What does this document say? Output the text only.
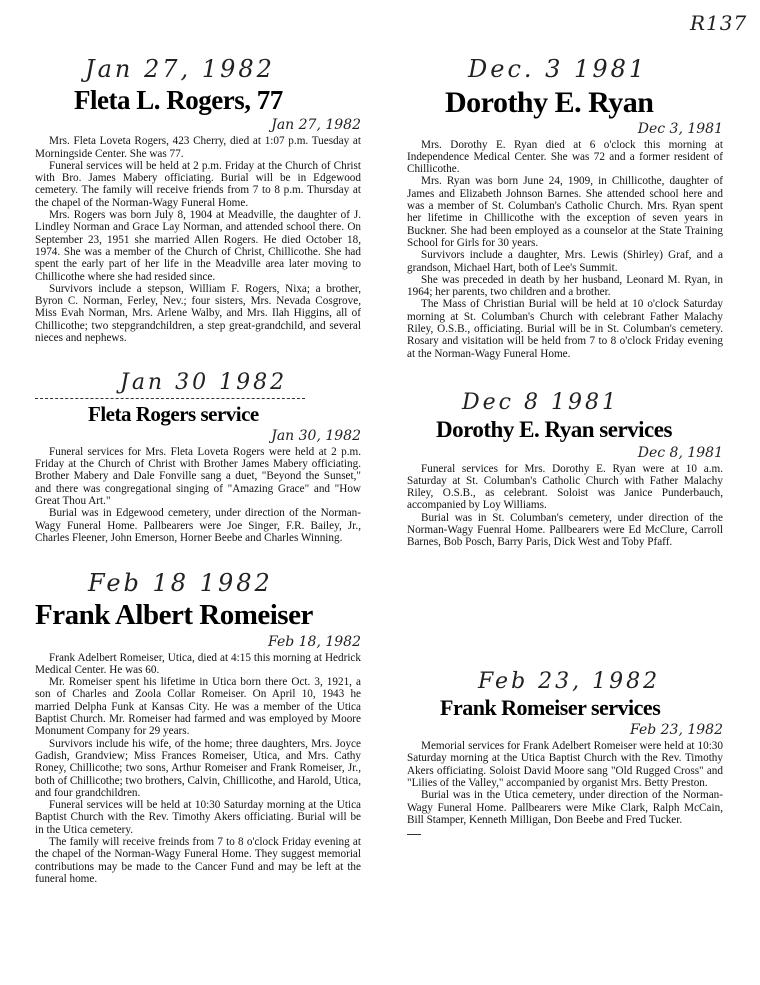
R137
Jan 27, 1982
Fleta L. Rogers, 77
Jan 27, 1982

Mrs. Fleta Loveta Rogers, 423 Cherry, died at 1:07 p.m. Tuesday at Morningside Center. She was 77.

Funeral services will be held at 2 p.m. Friday at the Church of Christ with Bro. James Mabery officiating. Burial will be in Edgewood cemetery. The family will receive friends from 7 to 8 p.m. Thursday at the chapel of the Norman-Wagy Funeral Home.

Mrs. Rogers was born July 8, 1904 at Meadville, the daughter of J. Lindley Norman and Grace Lay Norman, and attended school there. On September 23, 1951 she married Allen Rogers. He died October 18, 1974. She was a member of the Church of Christ, Chillicothe. She had spent the early part of her life in the Meadville area later moving to Chillicothe where she had resided since.

Survivors include a stepson, William F. Rogers, Nixa; a brother, Byron C. Norman, Ferley, Nev.; four sisters, Mrs. Nevada Cosgrove, Miss Evah Norman, Mrs. Arlene Walby, and Mrs. Ilah Higgins, all of Chillicothe; two stepgrandchildren, a step great-grandchild, and several nieces and nephews.

Jan 30 1982
Fleta Rogers service
Jan 30, 1982

Funeral services for Mrs. Fleta Loveta Rogers were held at 2 p.m. Friday at the Church of Christ with Brother James Mabery officiating. Brother Mabery and Dale Fonville sang a duet, "Beyond the Sunset," and there was congregational singing of "Amazing Grace" and "How Great Thou Art."

Burial was in Edgewood cemetery, under direction of the Norman-Wagy Funeral Home. Pallbearers were Joe Singer, F.R. Bailey, Jr., Charles Fleener, John Emerson, Horner Beebe and Charles Winning.

Feb 18 1982
Frank Albert Romeiser
Feb 18, 1982

Frank Adelbert Romeiser, Utica, died at 4:15 this morning at Hedrick Medical Center. He was 60.

Mr. Romeiser spent his lifetime in Utica born there Oct. 3, 1921, a son of Charles and Zoola Collar Romeiser. On April 10, 1943 he married Delpha Funk at Kansas City. He was a member of the Utica Baptist Church. Mr. Romeiser had farmed and was employed by Moore Monument Company for 29 years.

Survivors include his wife, of the home; three daughters, Mrs. Joyce Gadish, Grandview; Miss Frances Romeiser, Utica, and Mrs. Cathy Roney, Chillicothe; two sons, Arthur Romeiser and Frank Romeiser, Jr., both of Chillicothe; two brothers, Calvin, Chillicothe, and Harold, Utica, and four grandchildren.

Funeral services will be held at 10:30 Saturday morning at the Utica Baptist Church with the Rev. Timothy Akers officiating. Burial will be in the Utica cemetery.

The family will receive freinds from 7 to 8 o'clock Friday evening at the chapel of the Norman-Wagy Funeral Home. They suggest memorial contributions may be made to the Cancer Fund and may be left at the funeral home.

Dec. 3 1981
Dorothy E. Ryan
Dec 3, 1981

Mrs. Dorothy E. Ryan died at 6 o'clock this morning at Independence Medical Center. She was 72 and a former resident of Chillicothe.

Mrs. Ryan was born June 24, 1909, in Chillicothe, daughter of James and Elizabeth Johnson Barnes. She attended school here and was a member of St. Columban's Catholic Church. Mrs. Ryan spent her lifetime in Chillicothe with the exception of seven years in Buckner. She had been employed as a counselor at the State Training School for Girls for 30 years.

Survivors include a daughter, Mrs. Lewis (Shirley) Graf, and a grandson, Michael Hart, both of Lee's Summit.

She was preceded in death by her husband, Leonard M. Ryan, in 1964; her parents, two children and a brother.

The Mass of Christian Burial will be held at 10 o'clock Saturday morning at St. Columban's Church with celebrant Father Malachy Riley, O.S.B., officiating. Burial will be in St. Columban's cemetery. Rosary and visitation will be held from 7 to 8 o'clock Friday evening at the Norman-Wagy Funeral Home.

Dec 8 1981
Dorothy E. Ryan services
Dec 8, 1981

Funeral services for Mrs. Dorothy E. Ryan were at 10 a.m. Saturday at St. Columban's Catholic Church with Father Malachy Riley, O.S.B., as celebrant. Soloist was Janice Punderbauch, accompanied by Loy Williams.

Burial was in St. Columban's cemetery, under direction of the Norman-Wagy Fuenral Home. Pallbearers were Ed McClure, Carroll Barnes, Bob Posch, Barry Paris, Dick West and Toby Pfaff.

Feb 23, 1982
Frank Romeiser services
Feb 23, 1982

Memorial services for Frank Adelbert Romeiser were held at 10:30 Saturday morning at the Utica Baptist Church with the Rev. Timothy Akers officiating. Soloist David Moore sang "Old Rugged Cross" and "Lilies of the Valley," accompanied by organist Mrs. Betty Preston.

Burial was in the Utica cemetery, under direction of the Norman-Wagy Funeral Home. Pallbearers were Mike Clark, Ralph McCain, Bill Stamper, Kenneth Milligan, Don Beebe and Fred Tucker.
